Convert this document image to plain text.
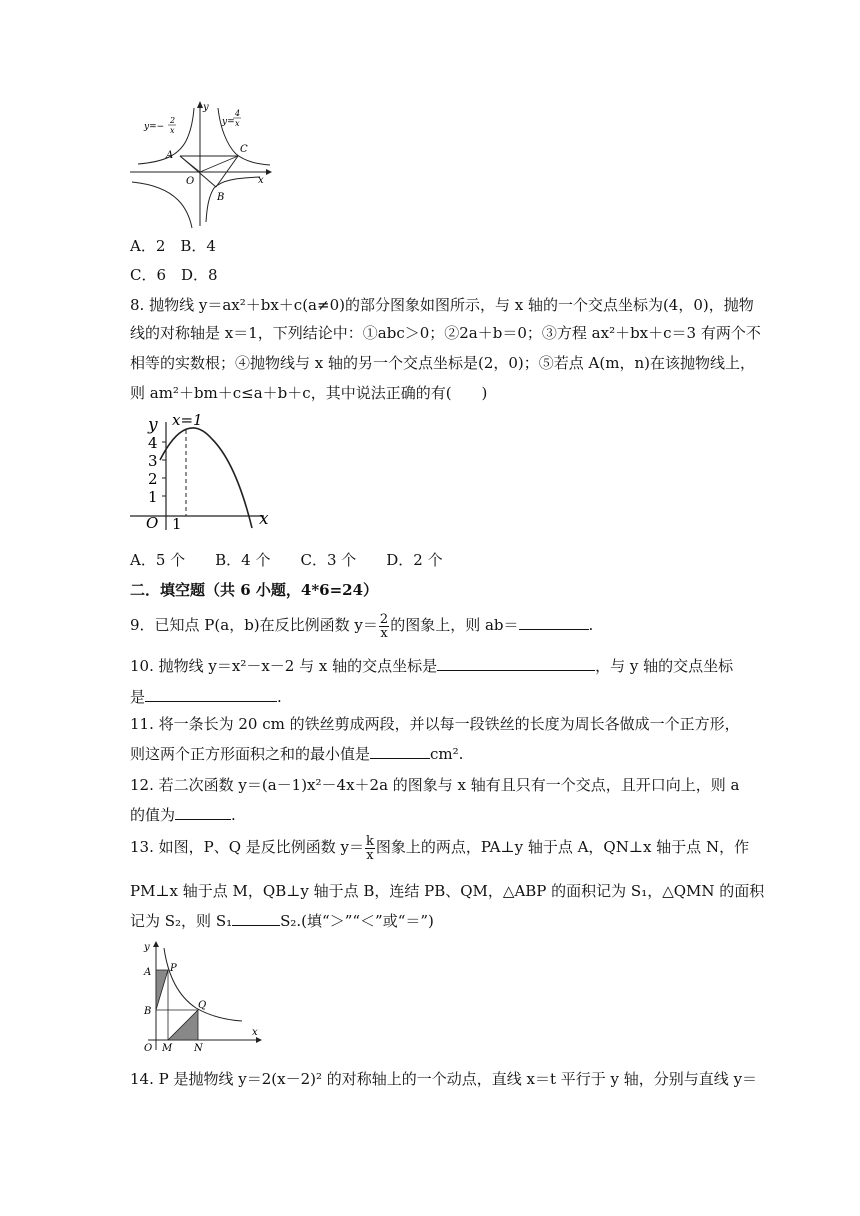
y
x
O
A
C
B
y=−
2
x
y=
4
x
A．2　B．4
C．6　D．8
8. 抛物线 y＝ax²＋bx＋c(a≠0)的部分图象如图所示，与 x 轴的一个交点坐标为(4，0)，抛物
线的对称轴是 x＝1，下列结论中：①abc＞0；②2a＋b＝0；③方程 ax²＋bx＋c＝3 有两个不
相等的实数根；④抛物线与 x 轴的另一个交点坐标是(2，0)；⑤若点 A(m，n)在该抛物线上，
则 am²＋bm＋c≤a＋b＋c，其中说法正确的有(　　)
y
x
x=1
O 1
4
3
2
1
A．5 个　　B．4 个　　C．3 个　　D．2 个
二．填空题（共 6 小题，4*6=24）
9．已知点 P(a，b)在反比例函数 $y= \frac{2}{x}$ 的图象上，则 ab＝	.
10. 抛物线 y＝x²－x－2 与 x 轴的交点坐标是	，与 y 轴的交点坐标
是	.
11. 将一条长为 20 cm 的铁丝剪成两段，并以每一段铁丝的长度为周长各做成一个正方形，
则这两个正方形面积之和的最小值是	cm².
12. 若二次函数 y＝(a－1)x²－4x＋2a 的图象与 x 轴有且只有一个交点，且开口向上，则 a
的值为	.
13. 如图，P、Q 是反比例函数 $y= \frac{k}{x}$ 图象上的两点，PA⊥y 轴于点 A，QN⊥x 轴于点 N，作
PM⊥x 轴于点 M，QB⊥y 轴于点 B，连结 PB、QM，△ABP 的面积记为 S₁，△QMN 的面积
记为 S₂，则 S₁	S₂.(填“＞”“＜”或“＝”)
y
x
A P
B
Q
O M N
14. P 是抛物线 y＝2(x－2)² 的对称轴上的一个动点，直线 x＝t 平行于 y 轴，分别与直线 y＝
